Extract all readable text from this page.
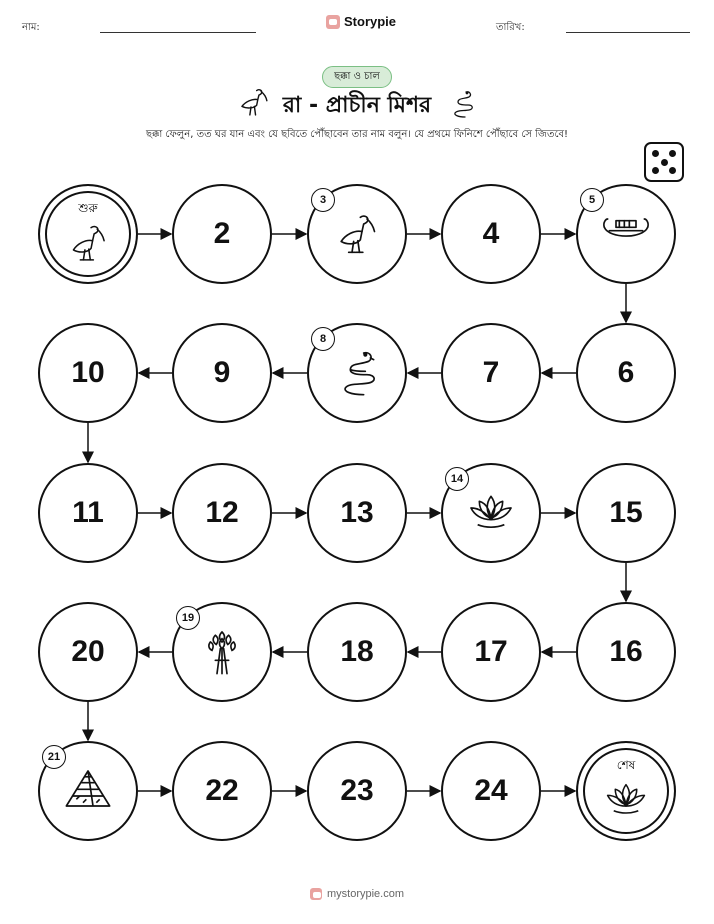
নাম:	Storypie	তারিখ:
ছক্কা ও চাল
রা - প্রাচীন মিশর
ছক্কা ফেলুন, তত ঘর যান এবং যে ছবিতে পৌঁছাবেন তার নাম বলুন। যে প্রথমে ফিনিশে পৌঁছাবে সে জিতবে!
শুরু
2
3
4
5
6
7
8
9
10
11	12	13
14
15
16
17
18
19
20
21
22	23	24
শেষ
mystorypie.com
